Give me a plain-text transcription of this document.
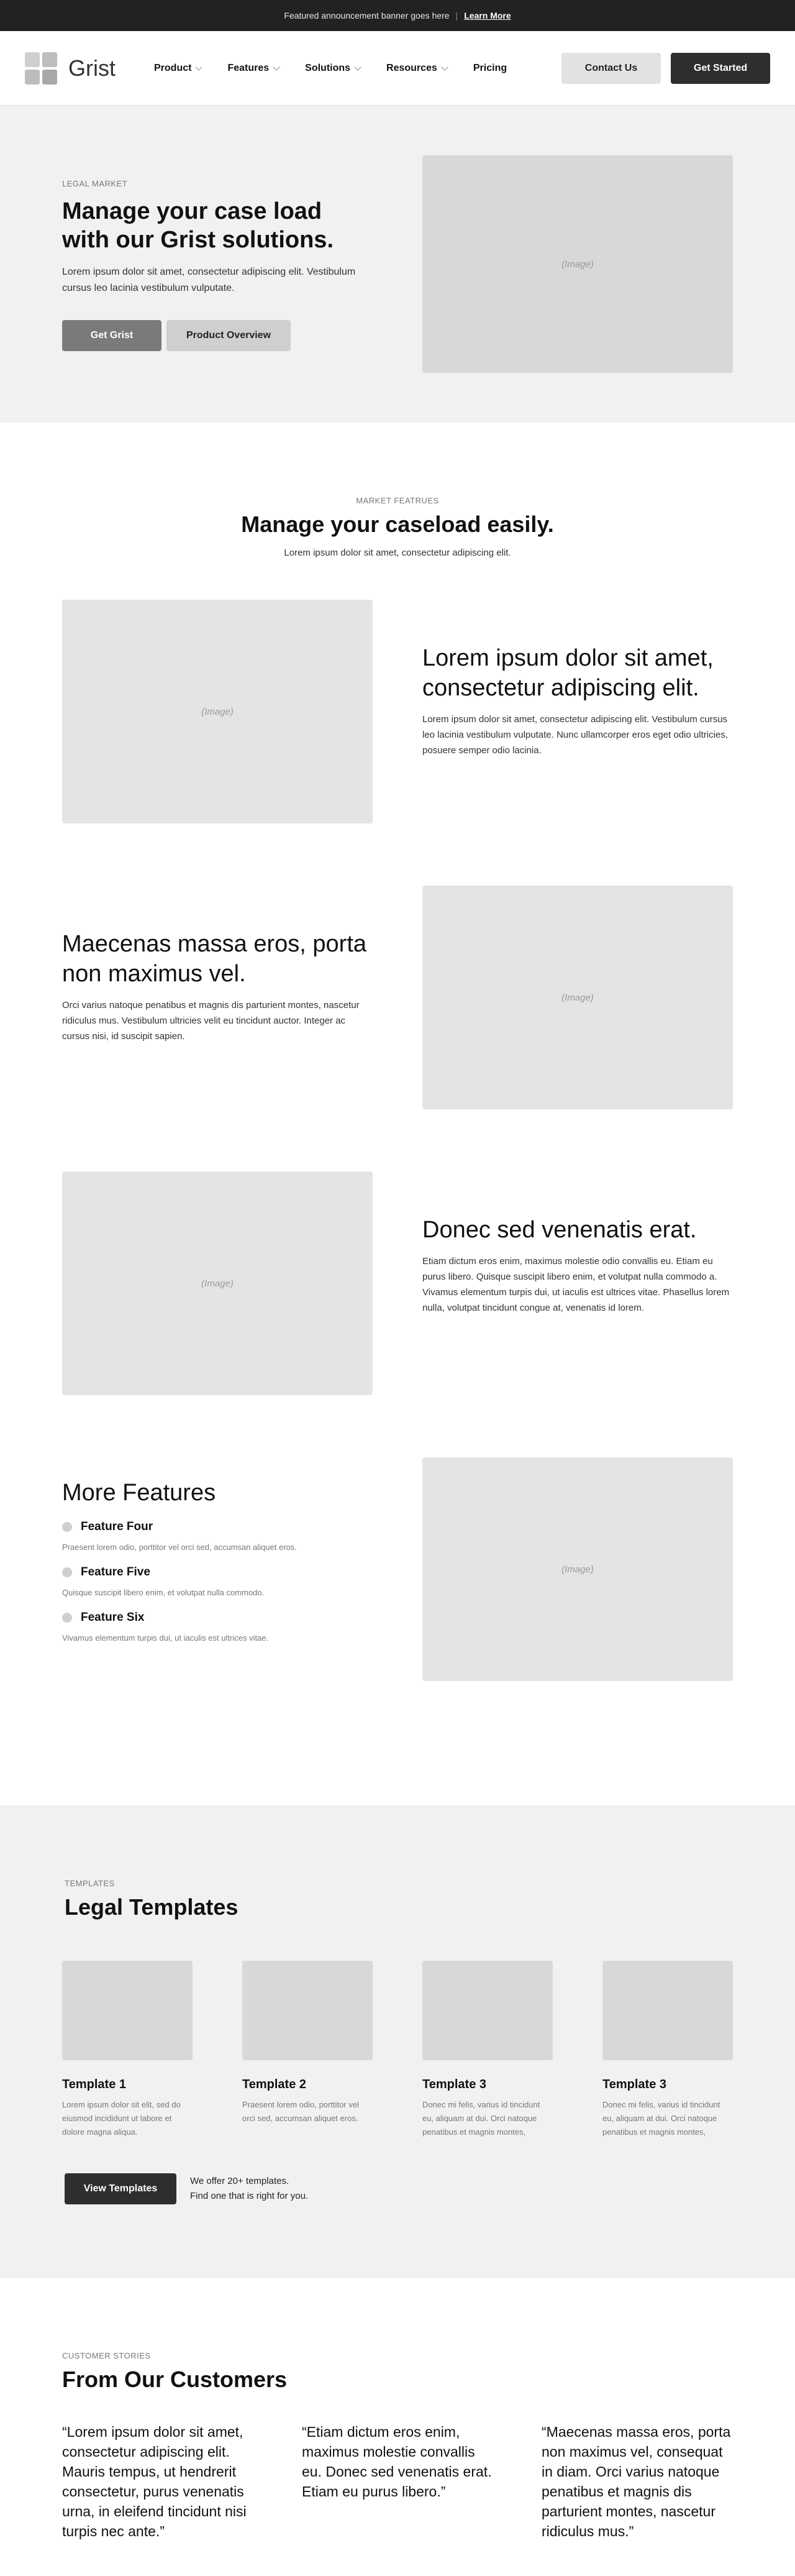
Featured announcement banner goes here | Learn More
Grist	Product	Features	Solutions	Resources	Pricing	Contact Us	Get Started
LEGAL MARKET
Manage your case load with our Grist solutions.

Lorem ipsum dolor sit amet, consectetur adipiscing elit. Vestibulum cursus leo lacinia vestibulum vulputate.

Get Grist	Product Overview
(Image)
MARKET FEATRUES
Manage your caseload easily.

Lorem ipsum dolor sit amet, consectetur adipiscing elit.

(Image)
Lorem ipsum dolor sit amet, consectetur adipiscing elit.

Lorem ipsum dolor sit amet, consectetur adipiscing elit. Vestibulum cursus leo lacinia vestibulum vulputate. Nunc ullamcorper eros eget odio ultricies, posuere semper odio lacinia.

Maecenas massa eros, porta non maximus vel.

Orci varius natoque penatibus et magnis dis parturient montes, nascetur ridiculus mus. Vestibulum ultricies velit eu tincidunt auctor. Integer ac cursus nisi, id suscipit sapien.

(Image)
(Image)
Donec sed venenatis erat.

Etiam dictum eros enim, maximus molestie odio convallis eu. Etiam eu purus libero. Quisque suscipit libero enim, et volutpat nulla commodo a. Vivamus elementum turpis dui, ut iaculis est ultrices vitae. Phasellus lorem nulla, volutpat tincidunt congue at, venenatis id lorem.

More Features
Feature Four

Praesent lorem odio, porttitor vel orci sed, accumsan aliquet eros.

Feature Five

Quisque suscipit libero enim, et volutpat nulla commodo.

Feature Six

Vivamus elementum turpis dui, ut iaculis est ultrices vitae.

(Image)
TEMPLATES
Legal Templates
Template 1

Lorem ipsum dolor sit elit, sed do eiusmod incididunt ut labore et dolore magna aliqua.

Template 2

Praesent lorem odio, porttitor vel orci sed, accumsan aliquet eros.

Template 3

Donec mi felis, varius id tincidunt eu, aliquam at dui. Orci natoque penatibus et magnis montes,

Template 3

Donec mi felis, varius id tincidunt eu, aliquam at dui. Orci natoque penatibus et magnis montes,

View Templates
We offer 20+ templates.
Find one that is right for you.
CUSTOMER STORIES
From Our Customers
“Lorem ipsum dolor sit amet, consectetur adipiscing elit. Mauris tempus, ut hendrerit consectetur, purus venenatis urna, in eleifend tincidunt nisi turpis nec ante.”
“Etiam dictum eros enim, maximus molestie convallis eu. Donec sed venenatis erat. Etiam eu purus libero.”
“Maecenas massa eros, porta non maximus vel, consequat in diam. Orci varius natoque penatibus et magnis dis parturient montes, nascetur ridiculus mus.”
